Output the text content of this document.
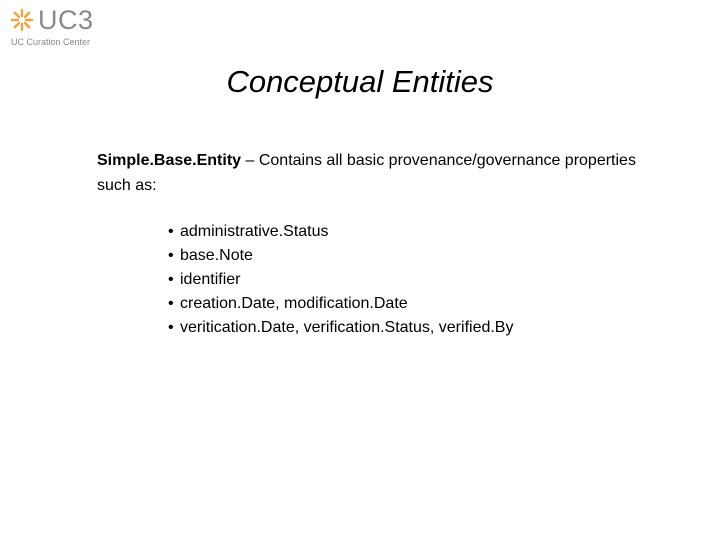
UC3
UC Curation Center
Conceptual Entities
Simple.Base.Entity – Contains all basic provenance/governance properties such as:
• administrative.Status
• base.Note
• identifier
• creation.Date, modification.Date
• veritication.Date, verification.Status, verified.By
